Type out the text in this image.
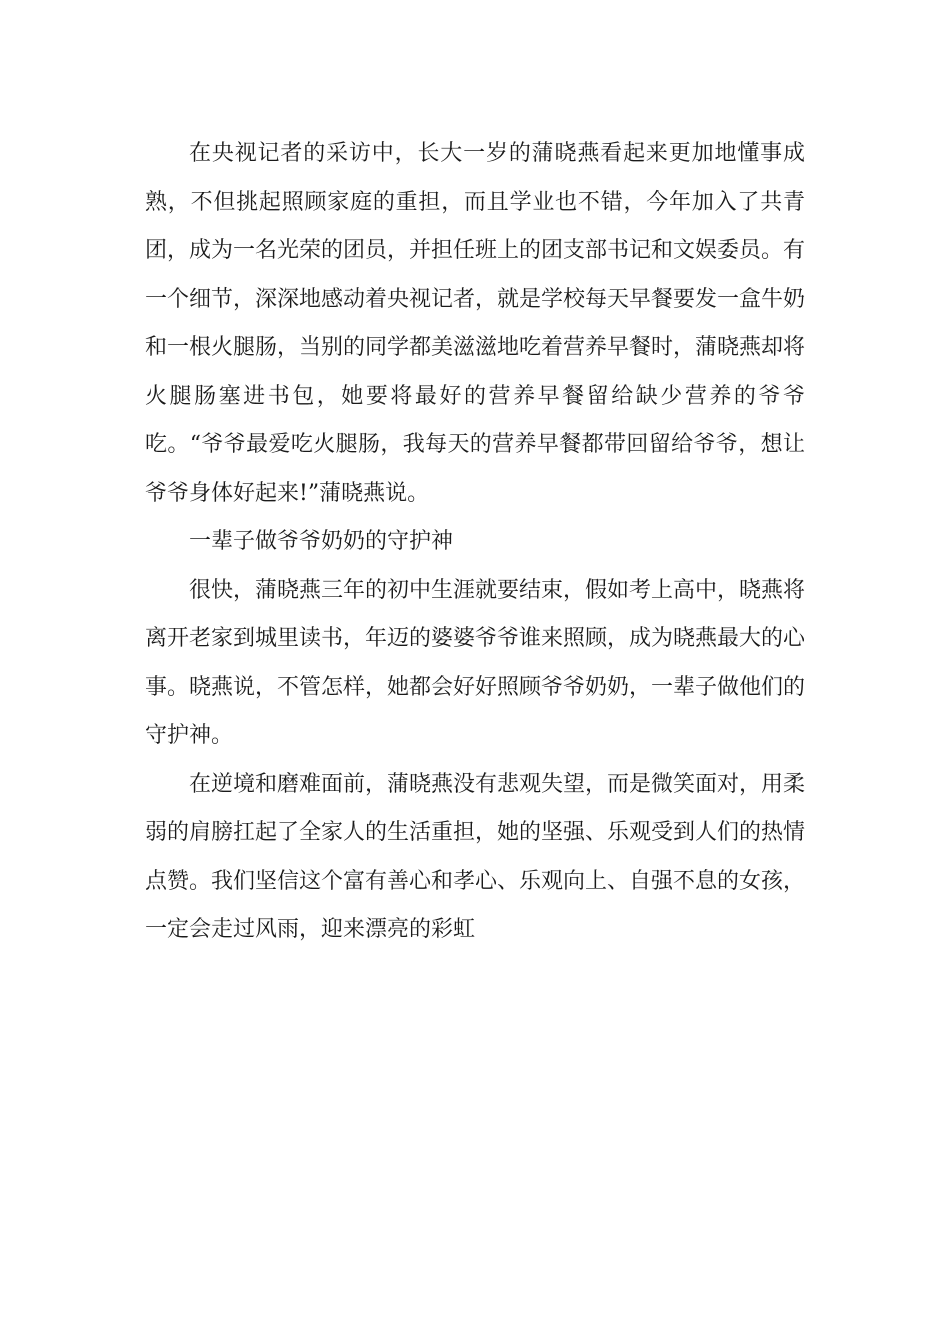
在央视记者的采访中，长大一岁的蒲晓燕看起来更加地懂事成熟，不但挑起照顾家庭的重担，而且学业也不错，今年加入了共青团，成为一名光荣的团员，并担任班上的团支部书记和文娱委员。有一个细节，深深地感动着央视记者，就是学校每天早餐要发一盒牛奶和一根火腿肠，当别的同学都美滋滋地吃着营养早餐时，蒲晓燕却将火腿肠塞进书包，她要将最好的营养早餐留给缺少营养的爷爷吃。“爷爷最爱吃火腿肠，我每天的营养早餐都带回留给爷爷，想让爷爷身体好起来!”蒲晓燕说。

一辈子做爷爷奶奶的守护神

很快，蒲晓燕三年的初中生涯就要结束，假如考上高中，晓燕将离开老家到城里读书，年迈的婆婆爷爷谁来照顾，成为晓燕最大的心事。晓燕说，不管怎样，她都会好好照顾爷爷奶奶，一辈子做他们的守护神。

在逆境和磨难面前，蒲晓燕没有悲观失望，而是微笑面对，用柔弱的肩膀扛起了全家人的生活重担，她的坚强、乐观受到人们的热情点赞。我们坚信这个富有善心和孝心、乐观向上、自强不息的女孩，一定会走过风雨，迎来漂亮的彩虹
